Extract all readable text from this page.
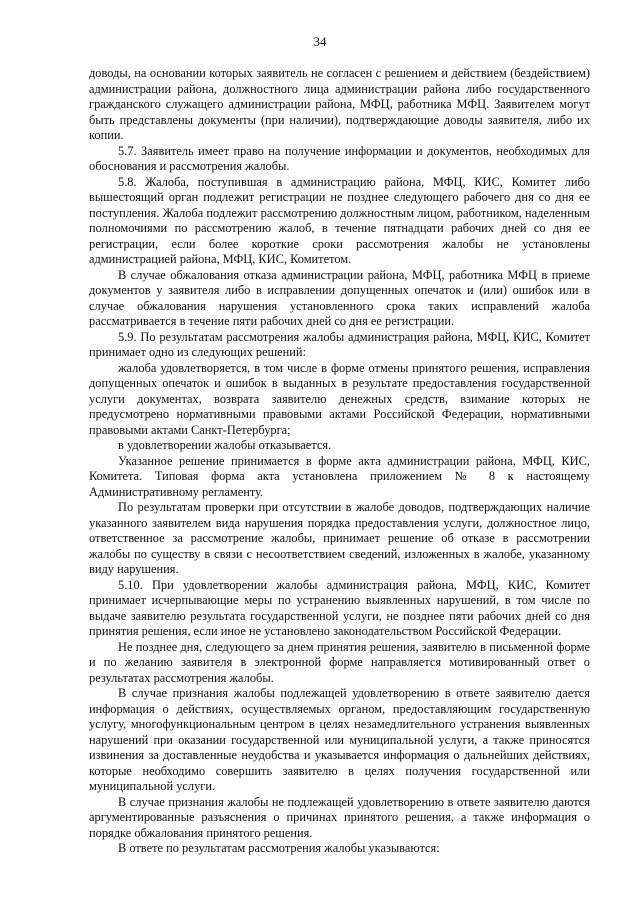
34

доводы, на основании которых заявитель не согласен с решением и действием (бездействием) администрации района, должностного лица администрации района либо государственного гражданского служащего администрации района, МФЦ, работника МФЦ. Заявителем могут быть представлены документы (при наличии), подтверждающие доводы заявителя, либо их копии.

5.7. Заявитель имеет право на получение информации и документов, необходимых для обоснования и рассмотрения жалобы.

5.8. Жалоба, поступившая в администрацию района, МФЦ, КИС, Комитет либо вышестоящий орган подлежит регистрации не позднее следующего рабочего дня со дня ее поступления. Жалоба подлежит рассмотрению должностным лицом, работником, наделенным полномочиями по рассмотрению жалоб, в течение пятнадцати рабочих дней со дня ее регистрации, если более короткие сроки рассмотрения жалобы не установлены администрацией района, МФЦ, КИС, Комитетом.

В случае обжалования отказа администрации района, МФЦ, работника МФЦ в приеме документов у заявителя либо в исправлении допущенных опечаток и (или) ошибок или в случае обжалования нарушения установленного срока таких исправлений жалоба рассматривается в течение пяти рабочих дней со дня ее регистрации.

5.9. По результатам рассмотрения жалобы администрация района, МФЦ, КИС, Комитет принимает одно из следующих решений:

жалоба удовлетворяется, в том числе в форме отмены принятого решения, исправления допущенных опечаток и ошибок в выданных в результате предоставления государственной услуги документах, возврата заявителю денежных средств, взимание которых не предусмотрено нормативными правовыми актами Российской Федерации, нормативными правовыми актами Санкт-Петербурга;

в удовлетворении жалобы отказывается.

Указанное решение принимается в форме акта администрации района, МФЦ, КИС, Комитета. Типовая форма акта установлена приложением № 8 к настоящему Административному регламенту.

По результатам проверки при отсутствии в жалобе доводов, подтверждающих наличие указанного заявителем вида нарушения порядка предоставления услуги, должностное лицо, ответственное за рассмотрение жалобы, принимает решение об отказе в рассмотрении жалобы по существу в связи с несоответствием сведений, изложенных в жалобе, указанному виду нарушения.

5.10. При удовлетворении жалобы администрация района, МФЦ, КИС, Комитет принимает исчерпывающие меры по устранению выявленных нарушений, в том числе по выдаче заявителю результата государственной услуги, не позднее пяти рабочих дней со дня принятия решения, если иное не установлено законодательством Российской Федерации.

Не позднее дня, следующего за днем принятия решения, заявителю в письменной форме и по желанию заявителя в электронной форме направляется мотивированный ответ о результатах рассмотрения жалобы.

В случае признания жалобы подлежащей удовлетворению в ответе заявителю дается информация о действиях, осуществляемых органом, предоставляющим государственную услугу, многофункциональным центром в целях незамедлительного устранения выявленных нарушений при оказании государственной или муниципальной услуги, а также приносятся извинения за доставленные неудобства и указывается информация о дальнейших действиях, которые необходимо совершить заявителю в целях получения государственной или муниципальной услуги.

В случае признания жалобы не подлежащей удовлетворению в ответе заявителю даются аргументированные разъяснения о причинах принятого решения, а также информация о порядке обжалования принятого решения.

В ответе по результатам рассмотрения жалобы указываются:
